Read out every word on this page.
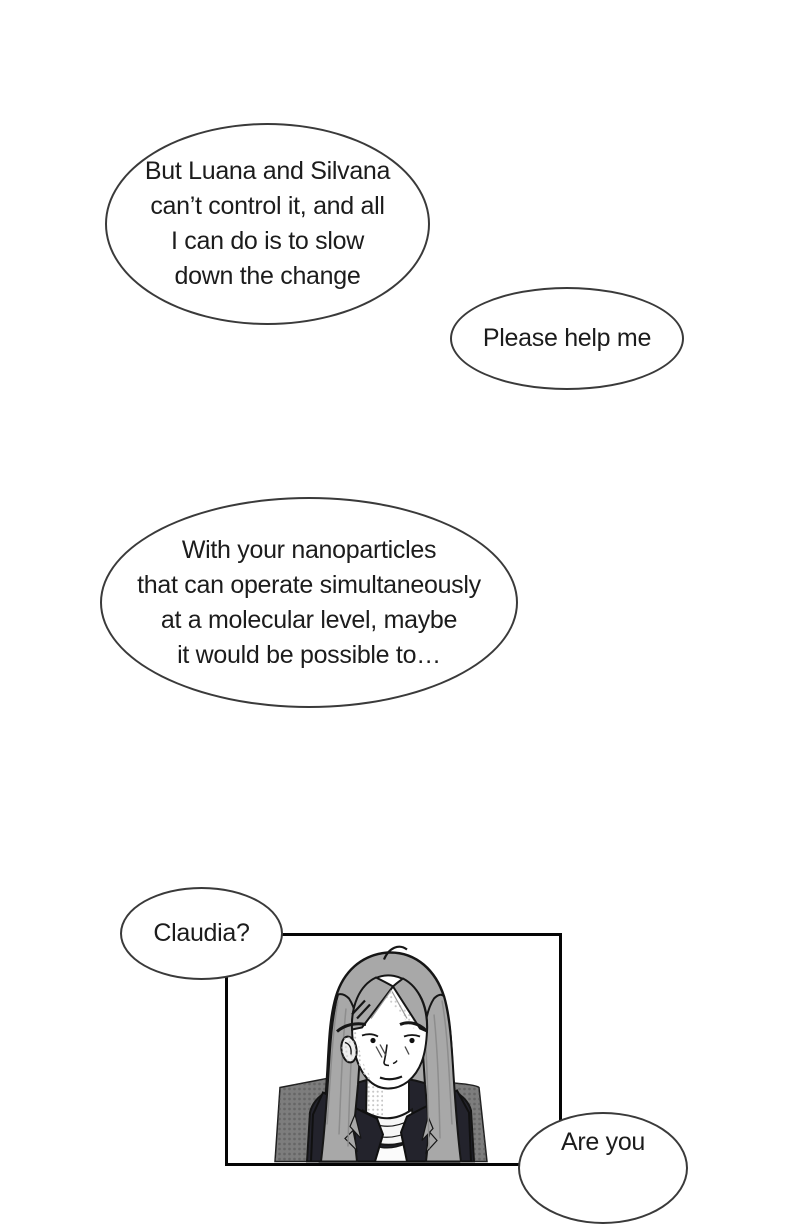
But Luana and Silvana
can’t control it, and all
I can do is to slow
down the change
Please help me
With your nanoparticles
that can operate simultaneously
at a molecular level, maybe
it would be possible to…
Claudia?
Are you
